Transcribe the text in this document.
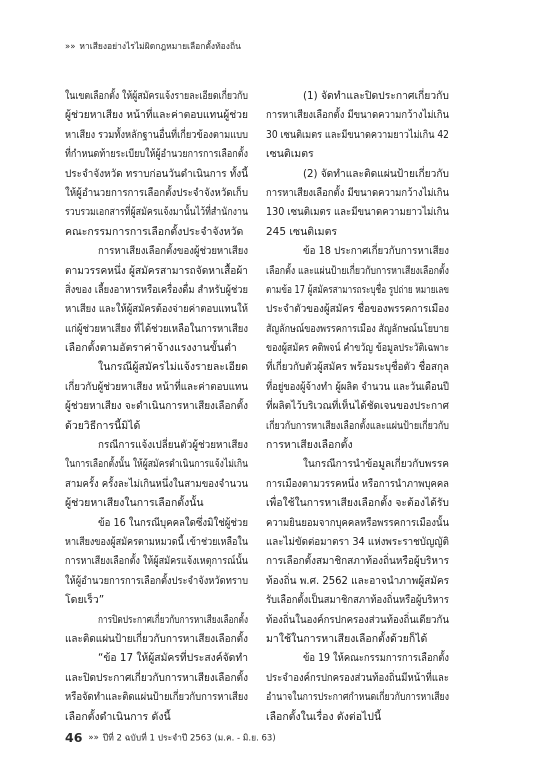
»» หาเสียงอย่างไรไม่ผิดกฎหมายเลือกตั้งท้องถิ่น
ในเขตเลือกตั้ง ให้ผู้สมัครแจ้งรายละเอียดเกี่ยวกับ
ผู้ช่วยหาเสียง หน้าที่และค่าตอบแทนผู้ช่วย
หาเสียง รวมทั้งหลักฐานอื่นที่เกี่ยวข้องตามแบบ
ที่กำหนดท้ายระเบียบให้ผู้อำนวยการการเลือกตั้ง
ประจำจังหวัด ทราบก่อนวันดำเนินการ ทั้งนี้
ให้ผู้อำนวยการการเลือกตั้งประจำจังหวัดเก็บ
รวบรวมเอกสารที่ผู้สมัครแจ้งมานั้นไว้ที่สำนักงาน
คณะกรรมการการเลือกตั้งประจำจังหวัด
การหาเสียงเลือกตั้งของผู้ช่วยหาเสียง
ตามวรรคหนึ่ง ผู้สมัครสามารถจัดหาเสื้อผ้า
สิ่งของ เลี้ยงอาหารหรือเครื่องดื่ม สำหรับผู้ช่วย
หาเสียง และให้ผู้สมัครต้องจ่ายค่าตอบแทนให้
แก่ผู้ช่วยหาเสียง ที่ได้ช่วยเหลือในการหาเสียง
เลือกตั้งตามอัตราค่าจ้างแรงงานขั้นต่ำ
ในกรณีผู้สมัครไม่แจ้งรายละเอียด
เกี่ยวกับผู้ช่วยหาเสียง หน้าที่และค่าตอบแทน
ผู้ช่วยหาเสียง จะดำเนินการหาเสียงเลือกตั้ง
ด้วยวิธีการนี้มิได้
กรณีการแจ้งเปลี่ยนตัวผู้ช่วยหาเสียง
ในการเลือกตั้งนั้น ให้ผู้สมัครดำเนินการแจ้งไม่เกิน
สามครั้ง ครั้งละไม่เกินหนึ่งในสามของจำนวน
ผู้ช่วยหาเสียงในการเลือกตั้งนั้น
ข้อ 16 ในกรณีบุคคลใดซึ่งมิใช่ผู้ช่วย
หาเสียงของผู้สมัครตามหมวดนี้ เข้าช่วยเหลือใน
การหาเสียงเลือกตั้ง ให้ผู้สมัครแจ้งเหตุการณ์นั้น
ให้ผู้อำนวยการการเลือกตั้งประจำจังหวัดทราบ
โดยเร็ว”
การปิดประกาศเกี่ยวกับการหาเสียงเลือกตั้ง
และติดแผ่นป้ายเกี่ยวกับการหาเสียงเลือกตั้ง
“ข้อ 17 ให้ผู้สมัครที่ประสงค์จัดทำ
และปิดประกาศเกี่ยวกับการหาเสียงเลือกตั้ง
หรือจัดทำและติดแผ่นป้ายเกี่ยวกับการหาเสียง
เลือกตั้งดำเนินการ ดังนี้
(1) จัดทำและปิดประกาศเกี่ยวกับ
การหาเสียงเลือกตั้ง มีขนาดความกว้างไม่เกิน
30 เซนติเมตร และมีขนาดความยาวไม่เกิน 42
เซนติเมตร
(2) จัดทำและติดแผ่นป้ายเกี่ยวกับ
การหาเสียงเลือกตั้ง มีขนาดความกว้างไม่เกิน
130 เซนติเมตร และมีขนาดความยาวไม่เกิน
245 เซนติเมตร
ข้อ 18 ประกาศเกี่ยวกับการหาเสียง
เลือกตั้ง และแผ่นป้ายเกี่ยวกับการหาเสียงเลือกตั้ง
ตามข้อ 17 ผู้สมัครสามารถระบุชื่อ รูปถ่าย หมายเลข
ประจำตัวของผู้สมัคร ชื่อของพรรคการเมือง
สัญลักษณ์ของพรรคการเมือง สัญลักษณ์นโยบาย
ของผู้สมัคร คติพจน์ คำขวัญ ข้อมูลประวัติเฉพาะ
ที่เกี่ยวกับตัวผู้สมัคร พร้อมระบุชื่อตัว ชื่อสกุล
ที่อยู่ของผู้จ้างทำ ผู้ผลิต จำนวน และวันเดือนปี
ที่ผลิตไว้บริเวณที่เห็นได้ชัดเจนของประกาศ
เกี่ยวกับการหาเสียงเลือกตั้งและแผ่นป้ายเกี่ยวกับ
การหาเสียงเลือกตั้ง
ในกรณีการนำข้อมูลเกี่ยวกับพรรค
การเมืองตามวรรคหนึ่ง หรือการนำภาพบุคคล
เพื่อใช้ในการหาเสียงเลือกตั้ง จะต้องได้รับ
ความยินยอมจากบุคคลหรือพรรคการเมืองนั้น
และไม่ขัดต่อมาตรา 34 แห่งพระราชบัญญัติ
การเลือกตั้งสมาชิกสภาท้องถิ่นหรือผู้บริหาร
ท้องถิ่น พ.ศ. 2562 และอาจนำภาพผู้สมัคร
รับเลือกตั้งเป็นสมาชิกสภาท้องถิ่นหรือผู้บริหาร
ท้องถิ่นในองค์กรปกครองส่วนท้องถิ่นเดียวกัน
มาใช้ในการหาเสียงเลือกตั้งด้วยก็ได้
ข้อ 19 ให้คณะกรรมการการเลือกตั้ง
ประจำองค์กรปกครองส่วนท้องถิ่นมีหน้าที่และ
อำนาจในการประกาศกำหนดเกี่ยวกับการหาเสียง
เลือกตั้งในเรื่อง ดังต่อไปนี้
46 »» ปีที่ 2 ฉบับที่ 1 ประจำปี 2563 (ม.ค. - มิ.ย. 63)
